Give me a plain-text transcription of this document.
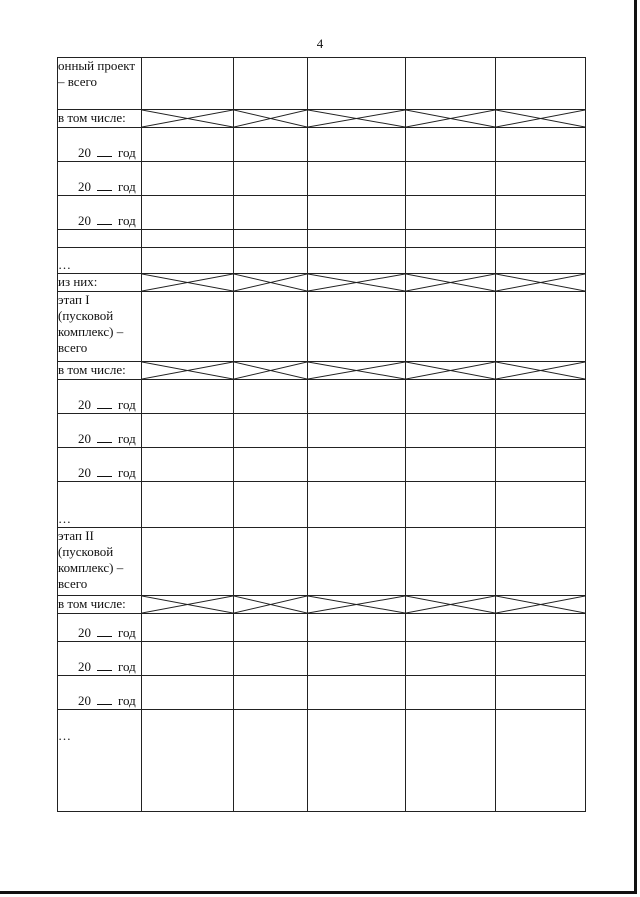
4
онный проект – всего					
в том числе:	

20 год					
20 год					
20 год					

…					
из них:	

этап I (пусковой комплекс) – всего					
в том числе:	

20 год					
20 год					
20 год					
…					
этап II (пусковой комплекс) – всего					
в том числе:	

20 год					
20 год					
20 год					
…					
